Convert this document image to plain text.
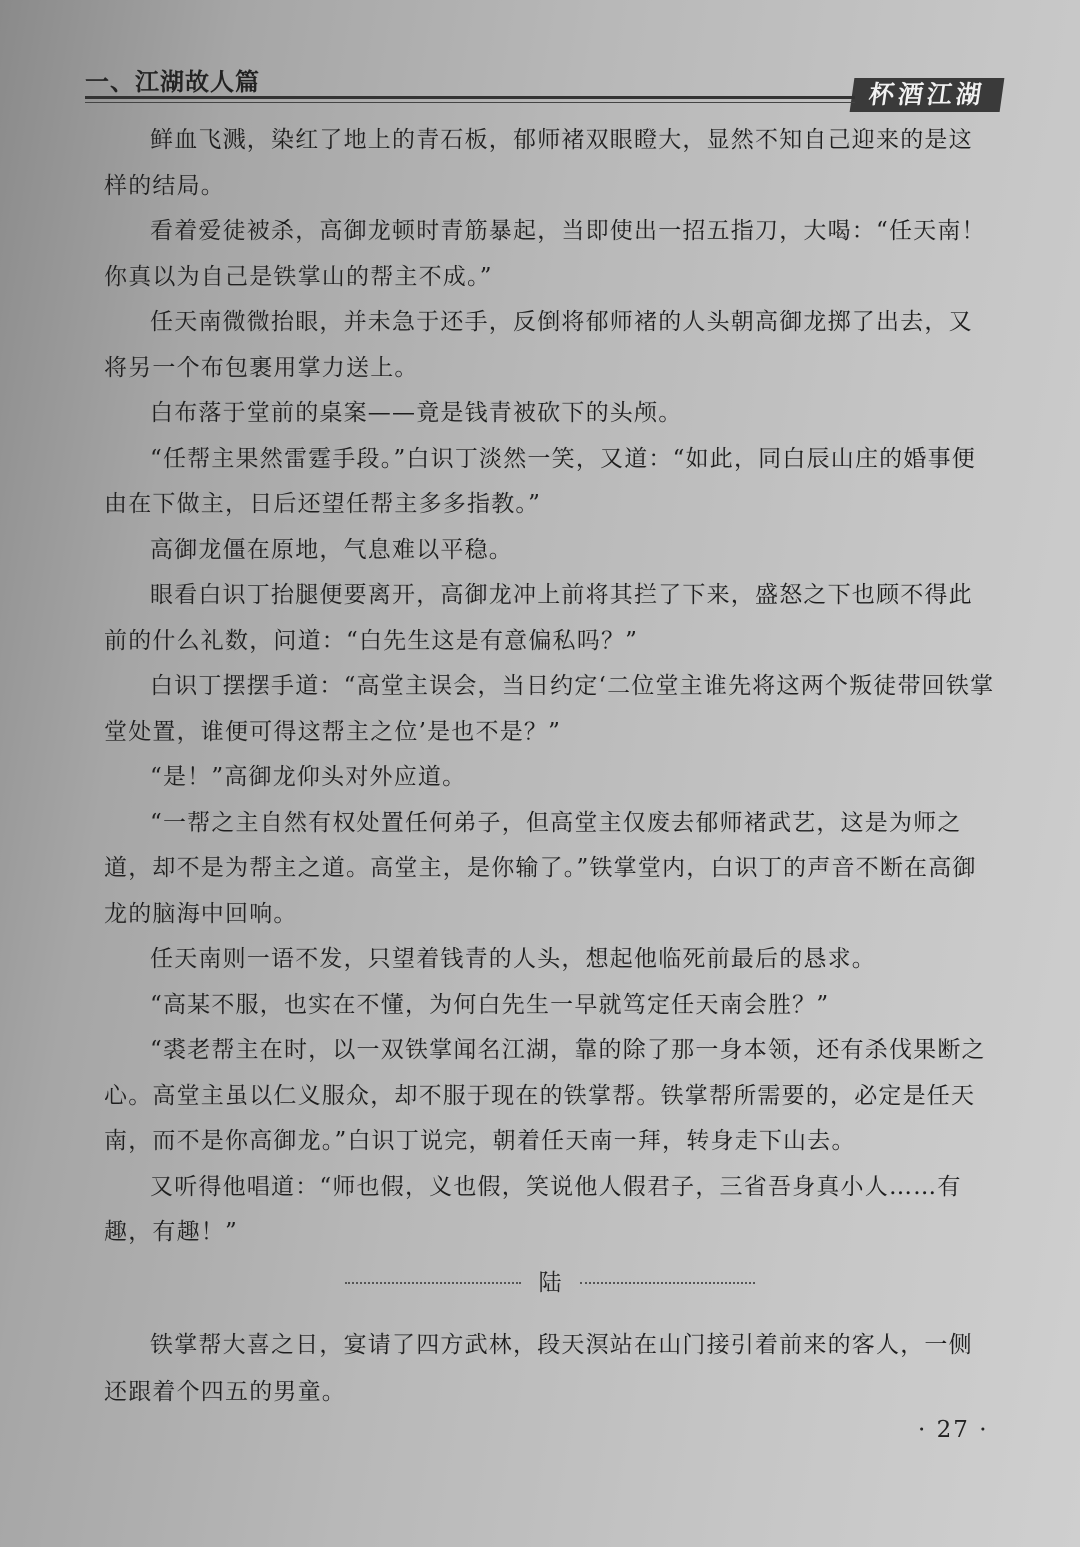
一、江湖故人篇	杯酒江湖

鲜血飞溅，染红了地上的青石板，郁师褚双眼瞪大，显然不知自己迎来的是这样的结局。

看着爱徒被杀，高御龙顿时青筋暴起，当即使出一招五指刀，大喝：“任天南！你真以为自己是铁掌山的帮主不成。”

任天南微微抬眼，并未急于还手，反倒将郁师褚的人头朝高御龙掷了出去，又将另一个布包裹用掌力送上。

白布落于堂前的桌案——竟是钱青被砍下的头颅。

“任帮主果然雷霆手段。”白识丁淡然一笑，又道：“如此，同白辰山庄的婚事便由在下做主，日后还望任帮主多多指教。”

高御龙僵在原地，气息难以平稳。

眼看白识丁抬腿便要离开，高御龙冲上前将其拦了下来，盛怒之下也顾不得此前的什么礼数，问道：“白先生这是有意偏私吗？”

白识丁摆摆手道：“高堂主误会，当日约定‘二位堂主谁先将这两个叛徒带回铁掌堂处置，谁便可得这帮主之位’是也不是？”

“是！”高御龙仰头对外应道。

“一帮之主自然有权处置任何弟子，但高堂主仅废去郁师褚武艺，这是为师之道，却不是为帮主之道。高堂主，是你输了。”铁掌堂内，白识丁的声音不断在高御龙的脑海中回响。

任天南则一语不发，只望着钱青的人头，想起他临死前最后的恳求。

“高某不服，也实在不懂，为何白先生一早就笃定任天南会胜？”

“裘老帮主在时，以一双铁掌闻名江湖，靠的除了那一身本领，还有杀伐果断之心。高堂主虽以仁义服众，却不服于现在的铁掌帮。铁掌帮所需要的，必定是任天南，而不是你高御龙。”白识丁说完，朝着任天南一拜，转身走下山去。

又听得他唱道：“师也假，义也假，笑说他人假君子，三省吾身真小人……有趣，有趣！”

陆

铁掌帮大喜之日，宴请了四方武林，段天溟站在山门接引着前来的客人，一侧还跟着个四五的男童。

· 27 ·
